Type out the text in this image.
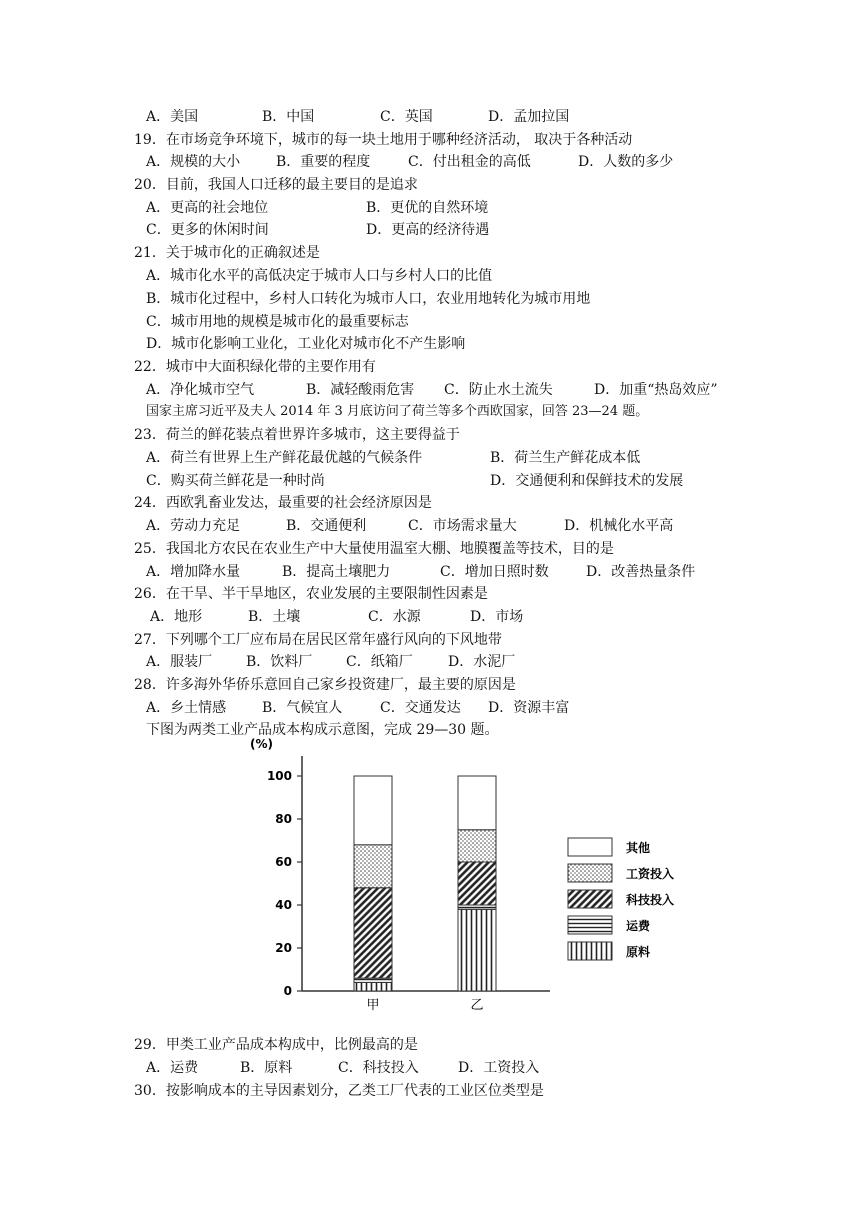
A．美国	B．中国	C．英国	D．孟加拉国
19．在市场竞争环境下，城市的每一块土地用于哪种经济活动， 取决于各种活动
A．规模的大小	B．重要的程度	C．付出租金的高低	D．人数的多少
20．目前，我国人口迁移的最主要目的是追求
A．更高的社会地位	B．更优的自然环境
C．更多的休闲时间	D．更高的经济待遇
21．关于城市化的正确叙述是
A．城市化水平的高低决定于城市人口与乡村人口的比值
B．城市化过程中，乡村人口转化为城市人口，农业用地转化为城市用地
C．城市用地的规模是城市化的最重要标志
D．城市化影响工业化，工业化对城市化不产生影响
22．城市中大面积绿化带的主要作用有
A．净化城市空气	B．减轻酸雨危害 C．防止水土流失	D．加重“热岛效应”
国家主席习近平及夫人 2014 年 3 月底访问了荷兰等多个西欧国家，回答 23—24 题。
23．荷兰的鲜花装点着世界许多城市，这主要得益于
A．荷兰有世界上生产鲜花最优越的气候条件	B．荷兰生产鲜花成本低
C．购买荷兰鲜花是一种时尚	D．交通便利和保鲜技术的发展
24．西欧乳畜业发达，最重要的社会经济原因是
A．劳动力充足	B．交通便利	C．市场需求量大	D．机械化水平高
25．我国北方农民在农业生产中大量使用温室大棚、地膜覆盖等技术，目的是
A．增加降水量	B．提高土壤肥力	C．增加日照时数	D．改善热量条件
26．在干旱、半干旱地区，农业发展的主要限制性因素是
A．地形	B．土壤	C．水源	D．市场
27．下列哪个工厂应布局在居民区常年盛行风向的下风地带
A．服装厂 B．饮料厂 C．纸箱厂	D．水泥厂
28．许多海外华侨乐意回自己家乡投资建厂，最主要的原因是
A．乡土情感	B．气候宜人	C．交通发达 D．资源丰富
下图为两类工业产品成本构成示意图，完成 29—30 题。
29．甲类工业产品成本构成中，比例最高的是
A．运费	B．原料	C．科技投入	D．工资投入
30．按影响成本的主导因素划分，乙类工厂代表的工业区位类型是
(%)
0
20
40
60
80
100
甲	乙
其他
工资投入
科技投入
运费
原料
